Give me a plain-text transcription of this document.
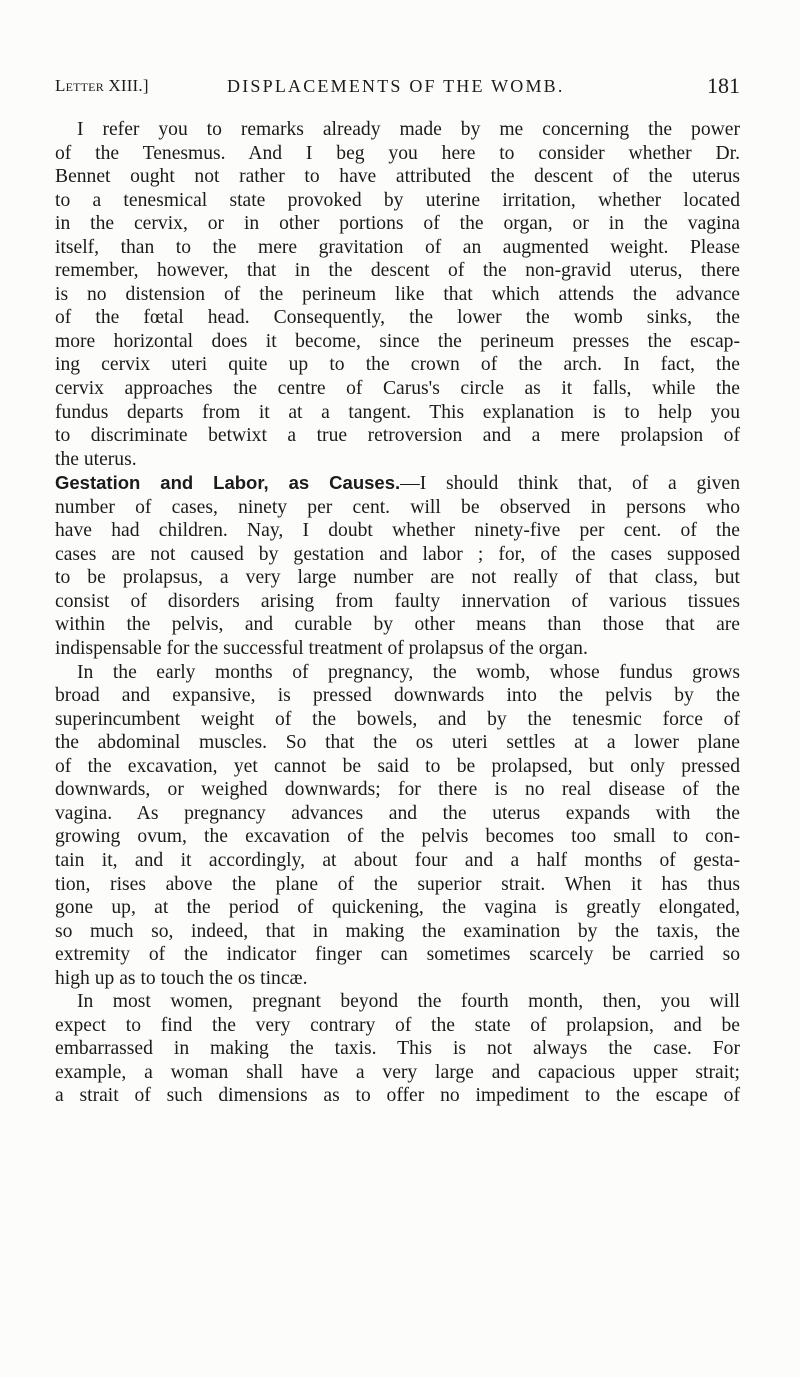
Letter XIII.]	DISPLACEMENTS OF THE WOMB.	181
I refer you to remarks already made by me concerning the power
of the Tenesmus. And I beg you here to consider whether Dr.
Bennet ought not rather to have attributed the descent of the uterus
to a tenesmical state provoked by uterine irritation, whether located
in the cervix, or in other portions of the organ, or in the vagina
itself, than to the mere gravitation of an augmented weight. Please
remember, however, that in the descent of the non-gravid uterus, there
is no distension of the perineum like that which attends the advance
of the fœtal head. Consequently, the lower the womb sinks, the
more horizontal does it become, since the perineum presses the escap-
ing cervix uteri quite up to the crown of the arch. In fact, the
cervix approaches the centre of Carus's circle as it falls, while the
fundus departs from it at a tangent. This explanation is to help you
to discriminate betwixt a true retroversion and a mere prolapsion of
the uterus.
Gestation and Labor, as Causes.—I should think that, of a given
number of cases, ninety per cent. will be observed in persons who
have had children. Nay, I doubt whether ninety-five per cent. of the
cases are not caused by gestation and labor ; for, of the cases supposed
to be prolapsus, a very large number are not really of that class, but
consist of disorders arising from faulty innervation of various tissues
within the pelvis, and curable by other means than those that are
indispensable for the successful treatment of prolapsus of the organ.
In the early months of pregnancy, the womb, whose fundus grows
broad and expansive, is pressed downwards into the pelvis by the
superincumbent weight of the bowels, and by the tenesmic force of
the abdominal muscles. So that the os uteri settles at a lower plane
of the excavation, yet cannot be said to be prolapsed, but only pressed
downwards, or weighed downwards; for there is no real disease of the
vagina. As pregnancy advances and the uterus expands with the
growing ovum, the excavation of the pelvis becomes too small to con-
tain it, and it accordingly, at about four and a half months of gesta-
tion, rises above the plane of the superior strait. When it has thus
gone up, at the period of quickening, the vagina is greatly elongated,
so much so, indeed, that in making the examination by the taxis, the
extremity of the indicator finger can sometimes scarcely be carried so
high up as to touch the os tincæ.
In most women, pregnant beyond the fourth month, then, you will
expect to find the very contrary of the state of prolapsion, and be
embarrassed in making the taxis. This is not always the case. For
example, a woman shall have a very large and capacious upper strait;
a strait of such dimensions as to offer no impediment to the escape of
